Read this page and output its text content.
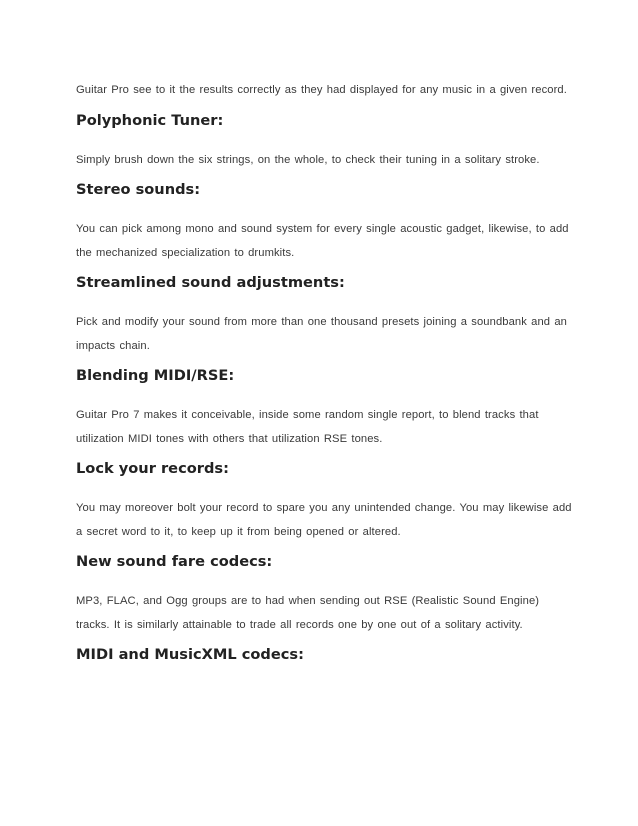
Guitar Pro see to it the results correctly as they had displayed for any music in a given record.

Polyphonic Tuner:

Simply brush down the six strings, on the whole, to check their tuning in a solitary stroke.

Stereo sounds:

You can pick among mono and sound system for every single acoustic gadget, likewise, to add the mechanized specialization to drumkits.

Streamlined sound adjustments:

Pick and modify your sound from more than one thousand presets joining a soundbank and an impacts chain.

Blending MIDI/RSE:

Guitar Pro 7 makes it conceivable, inside some random single report, to blend tracks that utilization MIDI tones with others that utilization RSE tones.

Lock your records:

You may moreover bolt your record to spare you any unintended change. You may likewise add a secret word to it, to keep up it from being opened or altered.

New sound fare codecs:

MP3, FLAC, and Ogg groups are to had when sending out RSE (Realistic Sound Engine) tracks. It is similarly attainable to trade all records one by one out of a solitary activity.

MIDI and MusicXML codecs:
